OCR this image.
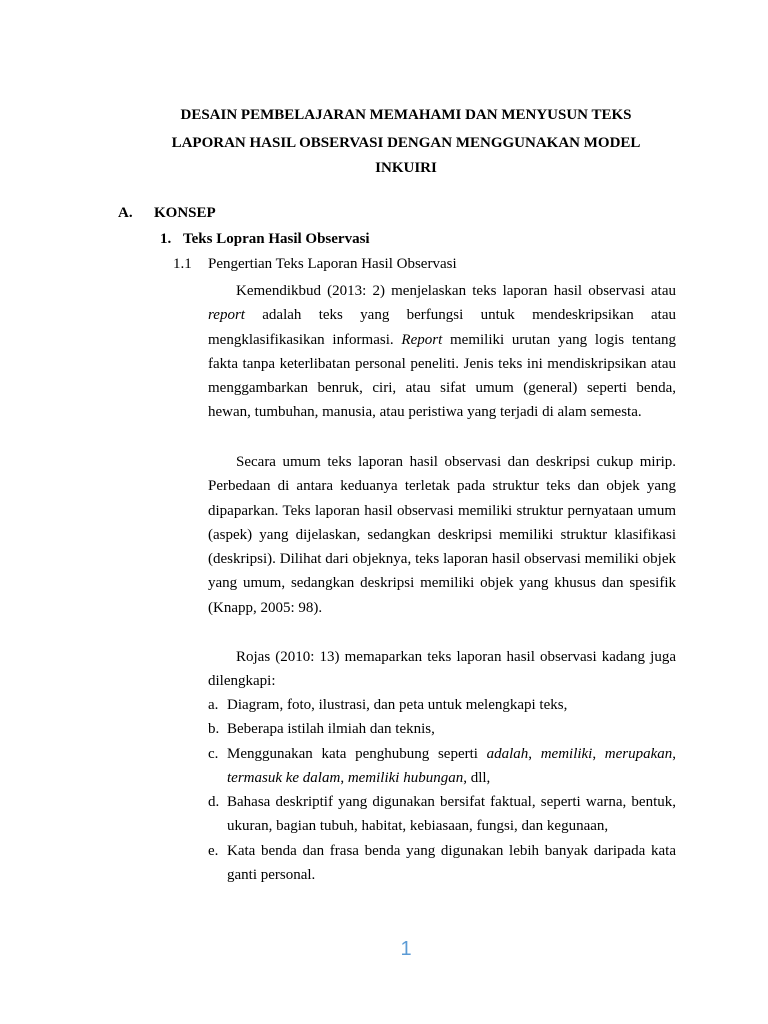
DESAIN PEMBELAJARAN MEMAHAMI DAN MENYUSUN TEKS
LAPORAN HASIL OBSERVASI DENGAN MENGGUNAKAN MODEL
INKUIRI
A. KONSEP
1. Teks Lopran Hasil Observasi
1.1 Pengertian Teks Laporan Hasil Observasi

Kemendikbud (2013: 2) menjelaskan teks laporan hasil observasi atau report adalah teks yang berfungsi untuk mendeskripsikan atau mengklasifikasikan informasi. Report memiliki urutan yang logis tentang fakta tanpa keterlibatan personal peneliti. Jenis teks ini mendiskripsikan atau menggambarkan benruk, ciri, atau sifat umum (general) seperti benda, hewan, tumbuhan, manusia, atau peristiwa yang terjadi di alam semesta.

Secara umum teks laporan hasil observasi dan deskripsi cukup mirip. Perbedaan di antara keduanya terletak pada struktur teks dan objek yang dipaparkan. Teks laporan hasil observasi memiliki struktur pernyataan umum (aspek) yang dijelaskan, sedangkan deskripsi memiliki struktur klasifikasi (deskripsi). Dilihat dari objeknya, teks laporan hasil observasi memiliki objek yang umum, sedangkan deskripsi memiliki objek yang khusus dan spesifik (Knapp, 2005: 98).

Rojas (2010: 13) memaparkan teks laporan hasil observasi kadang juga dilengkapi:

a. Diagram, foto, ilustrasi, dan peta untuk melengkapi teks,
b. Beberapa istilah ilmiah dan teknis,
c. Menggunakan kata penghubung seperti adalah, memiliki, merupakan, termasuk ke dalam, memiliki hubungan, dll,
d. Bahasa deskriptif yang digunakan bersifat faktual, seperti warna, bentuk, ukuran, bagian tubuh, habitat, kebiasaan, fungsi, dan kegunaan,
e. Kata benda dan frasa benda yang digunakan lebih banyak daripada kata ganti personal.
1
